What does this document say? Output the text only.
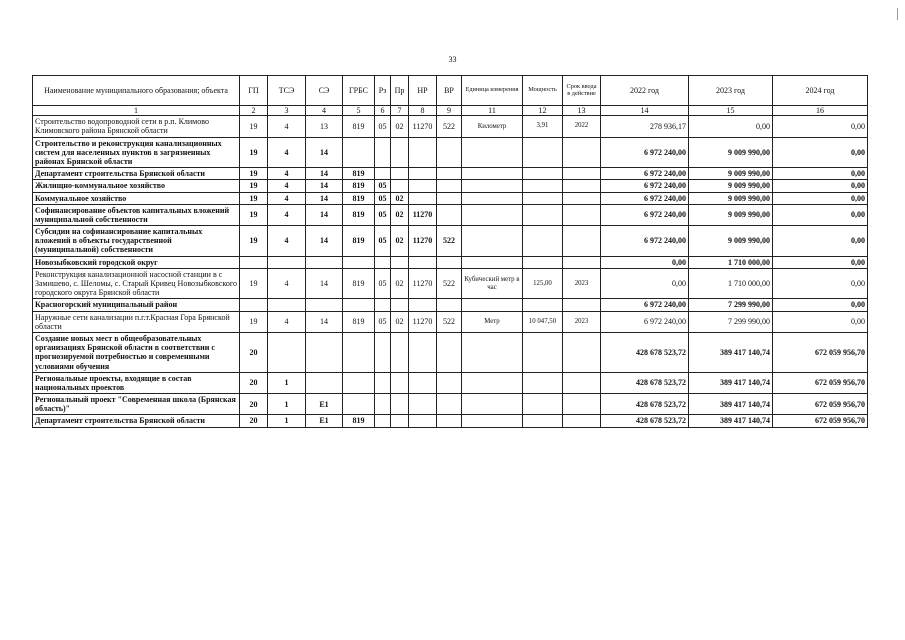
33
Наименование муниципального образования; объекта	ГП	ТСЭ	СЭ	ГРБС	Рз	Пр	НР	ВР	Единица измерения	Мощность	Срок ввода в действие	2022 год	2023 год	2024 год
1	2	3	4	5	6	7	8	9	11	12	13	14	15	16
Строительство водопроводной сети в р.п. Климово Климовского района Брянской области	19	4	13	819	05	02	11270	522	Километр	3,91	2022	278 936,17	0,00	0,00
Строительство и реконструкция канализационных систем для населенных пунктов в загрязненных районах Брянской области	19	4	14									6 972 240,00	9 009 990,00	0,00
Департамент строительства Брянской области	19	4	14	819								6 972 240,00	9 009 990,00	0,00
Жилищно-коммунальное хозяйство	19	4	14	819	05							6 972 240,00	9 009 990,00	0,00
Коммунальное хозяйство	19	4	14	819	05	02						6 972 240,00	9 009 990,00	0,00
Софинансирование объектов капитальных вложений муниципальной собственности	19	4	14	819	05	02	11270					6 972 240,00	9 009 990,00	0,00
Субсидии на софинансирование капитальных вложений в объекты государственной (муниципальной) собственности	19	4	14	819	05	02	11270	522				6 972 240,00	9 009 990,00	0,00
Новозыбковский городской округ												0,00	1 710 000,00	0,00
Реконструкция канализационной насосной станции в с Замишево, с. Шеломы, с. Старый Кривец Новозыбковского городского округа Брянской области	19	4	14	819	05	02	11270	522	Кубический метр в час	125,00	2023	0,00	1 710 000,00	0,00
Красногорский муниципальный район												6 972 240,00	7 299 990,00	0,00
Наружные сети канализации п.г.т.Красная Гора Брянской области	19	4	14	819	05	02	11270	522	Метр	10 047,50	2023	6 972 240,00	7 299 990,00	0,00
Создание новых мест в общеобразовательных организациях Брянской области в соответствии с прогнозируемой потребностью и современными условиями обучения	20											428 678 523,72	389 417 140,74	672 059 956,70
Региональные проекты, входящие в состав национальных проектов	20	1										428 678 523,72	389 417 140,74	672 059 956,70
Региональный проект "Современная школа (Брянская область)"	20	1	E1									428 678 523,72	389 417 140,74	672 059 956,70
Департамент строительства Брянской области	20	1	E1	819								428 678 523,72	389 417 140,74	672 059 956,70
